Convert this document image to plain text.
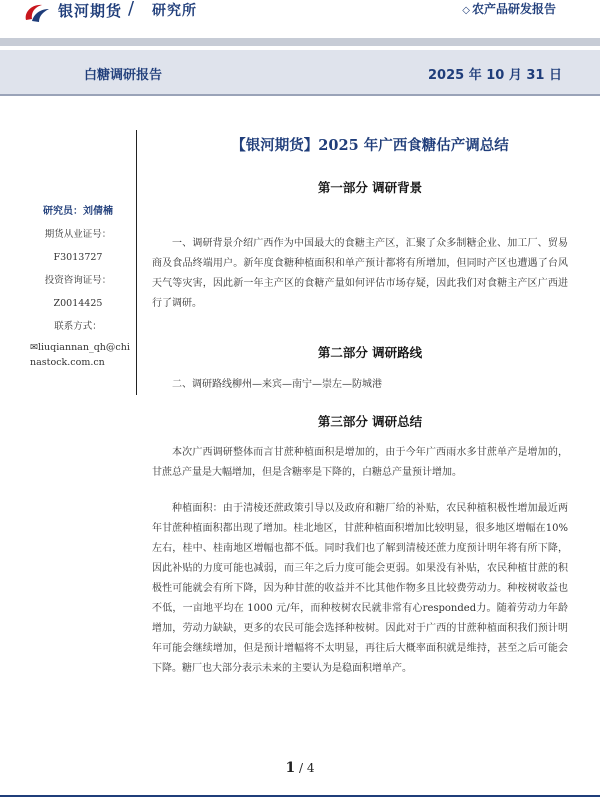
银河期货 / 研究所	◇ 农产品研发报告
白糖调研报告	2025 年 10 月 31 日
研究员：刘倩楠
期货从业证号：
F3013727
投资咨询证号：
Z0014425
联系方式：
✉liuqiannan_qh@chinastock.com.cn
【银河期货】2025 年广西食糖估产调总结
第一部分 调研背景

一、调研背景介绍广西作为中国最大的食糖主产区，汇聚了众多制糖企业、加工厂、贸易商及食品终端用户。新年度食糖种植面积和单产预计都将有所增加，但同时产区也遭遇了台风天气等灾害，因此新一年主产区的食糖产量如何评估市场存疑，因此我们对食糖主产区广西进行了调研。

第二部分 调研路线

二、调研路线柳州—来宾—南宁—崇左—防城港

第三部分 调研总结

本次广西调研整体而言甘蔗种植面积是增加的，由于今年广西雨水多甘蔗单产是增加的，甘蔗总产量是大幅增加，但是含糖率是下降的，白糖总产量预计增加。

种植面积：由于清棱还蔗政策引导以及政府和糖厂给的补贴，农民种植积极性增加最近两年甘蔗种植面积都出现了增加。桂北地区，甘蔗种植面积增加比较明显，很多地区增幅在10%左右，桂中、桂南地区增幅也都不低。同时我们也了解到清棱还蔗力度预计明年将有所下降，因此补贴的力度可能也减弱，而三年之后力度可能会更弱。如果没有补贴，农民种植甘蔗的积极性可能就会有所下降，因为种甘蔗的收益并不比其他作物多且比较费劳动力。种桉树收益也不低，一亩地平均在 1000 元/年，而种桉树农民就非常有心responded力。随着劳动力年龄增加，劳动力缺缺，更多的农民可能会选择种桉树。因此对于广西的甘蔗种植面积我们预计明年可能会继续增加，但是预计增幅将不太明显，再往后大概率面积就是维持，甚至之后可能会下降。糖厂也大部分表示未来的主要认为是稳面积增单产。

1 / 4
